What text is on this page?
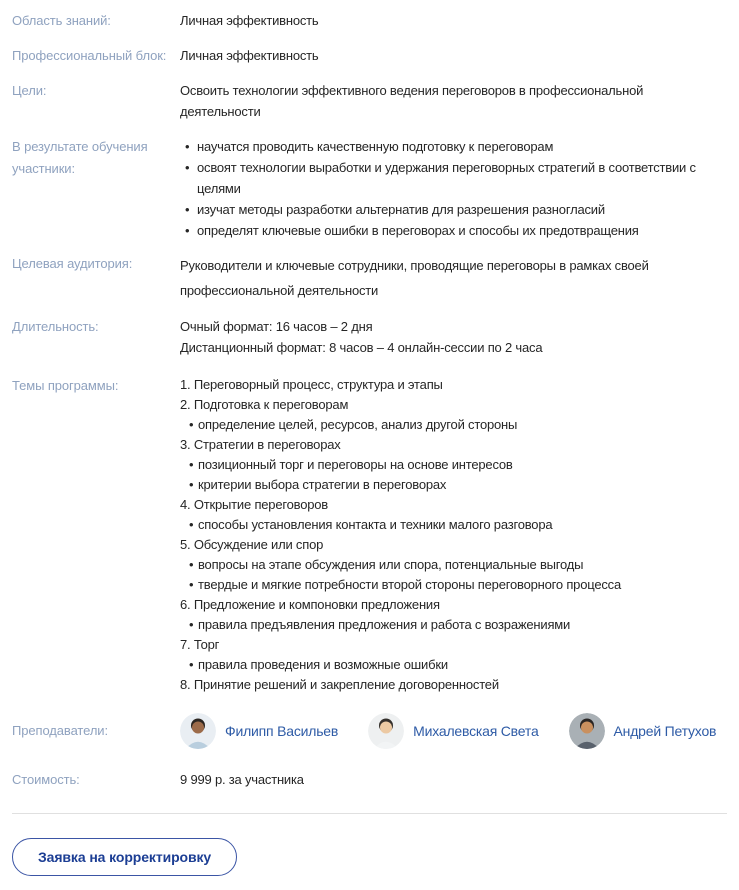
Область знаний:	Личная эффективность
Профессиональный блок:	Личная эффективность
Цели:	Освоить технологии эффективного ведения переговоров в профессиональной деятельности
В результате обучения участники:
• научатся проводить качественную подготовку к переговорам
• освоят технологии выработки и удержания переговорных стратегий в соответствии с целями
• изучат методы разработки альтернатив для разрешения разногласий
• определят ключевые ошибки в переговорах и способы их предотвращения
Целевая аудитория:	Руководители и ключевые сотрудники, проводящие переговоры в рамках своей профессиональной деятельности
Длительность:	Очный формат: 16 часов – 2 дня
Дистанционный формат: 8 часов – 4 онлайн-сессии по 2 часа
Темы программы:	1. Переговорный процесс, структура и этапы
2. Подготовка к переговорам
• определение целей, ресурсов, анализ другой стороны
3. Стратегии в переговорах
• позиционный торг и переговоры на основе интересов
• критерии выбора стратегии в переговорах
4. Открытие переговоров
• способы установления контакта и техники малого разговора
5. Обсуждение или спор
• вопросы на этапе обсуждения или спора, потенциальные выгоды
• твердые и мягкие потребности второй стороны переговорного процесса
6. Предложение и компоновки предложения
• правила предъявления предложения и работа с возражениями
7. Торг
• правила проведения и возможные ошибки
8. Принятие решений и закрепление договоренностей
Преподаватели:	Филипп Васильев	Михалевская Света	Андрей Петухов
Стоимость:	9 999 р. за участника
Заявка на корректировку
